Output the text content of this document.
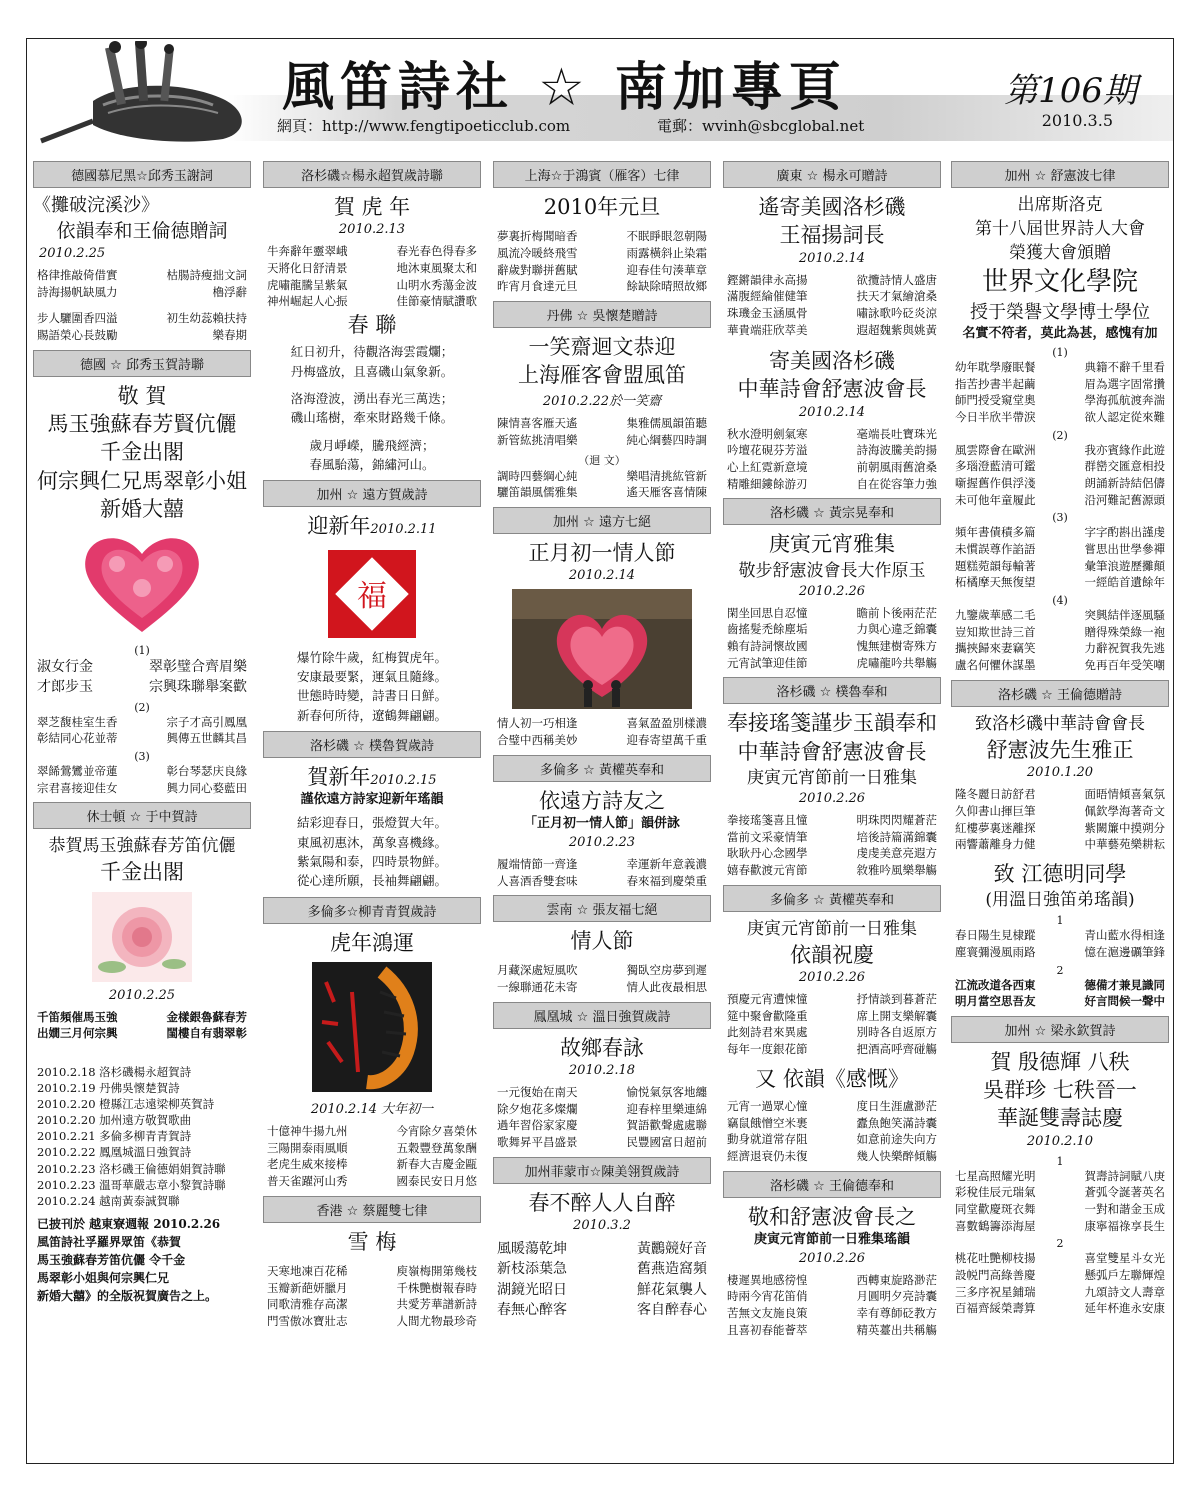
風笛詩社 ☆ 南加專頁	第106期
2010.3.5
網頁：http://www.fengtipoeticclub.com	電郵：wvinh@sbcglobal.net
德國慕尼黑☆邱秀玉謝詞
《攤破浣溪沙》
依韻奉和王倫德贈詞
2010.2.25
格律推敲倚借實	枯腸詩瘦拙文詞
詩海揚帆缺風力	櫓浮辭
步人驪圍香四溢	初生幼蕊賴扶持
賜語榮心長鼓勵	樂春期
德國 ☆ 邱秀玉賀詩聯
敬 賀
馬玉強蘇春芳賢伉儷
千金出閣
何宗興仁兄馬翠彰小姐
新婚大囍
(1)
淑女行金	翠彰璧合齊眉樂
才郎步玉	宗興珠聯舉案歡
(2)
翠芝馥桂室生香	宗子才高引鳳凰
彰結同心花並蒂	興傳五世麟其昌
(3)
翠餙鶯鸞並帝蓮	彰台琴瑟庆良緣
宗君喜接迎佳女	興力同心婺藍田
休士頓 ☆ 于中賀詩
恭賀馬玉強蘇春芳笛伉儷
千金出閣
2010.2.25
千笛頻催馬玉強	金樣銀魯蘇春芳
出嫺三月何宗興	閨樓自有翡翠彰
2010.2.18 洛杉磯楊永超賀詩
2010.2.19 丹佛吳懷楚賀詩
2010.2.20 橙縣江志遠梁柳英賀詩
2010.2.20 加州遠方敬賀歌曲
2010.2.21 多倫多柳青青賀詩
2010.2.22 鳳凰城溫日強賀詩
2010.2.23 洛杉磯王倫德娟娟賀詩聯
2010.2.23 溫哥華嚴志章小黎賀詩聯
2010.2.24 越南黃泰誠賀聯
已披刊於 越東寮週報 2010.2.26
風笛詩社孚羅界眾笛《恭賀
馬玉強蘇春芳笛伉儷 令千金
馬翠彰小姐與何宗興仁兄
新婚大囍》的全版祝賀廣告之上。
洛杉磯☆楊永超賀歲詩聯
賀 虎 年
2010.2.13
牛奔辭年靈翠峨	春光春色得春多
天將化日舒清景	地沐東風聚太和
虎嘯龍騰呈紫氣	山明水秀蕩金波
神州崛起人心振	佳節豪情賦讚歌
春 聯
紅日初升，待觀洛海雲霞爛；
丹梅盛放，且喜磯山氣象新。
洛海澄波，湧出春光三萬迭；
磯山瑤樹，牽來財路幾千條。
歲月崢嶸，騰飛經濟；
春風駘蕩，錦繡河山。
加州 ☆ 遠方賀歲詩
迎新年2010.2.11
福
爆竹除牛歲，紅梅賀虎年。
安康最要緊，運氣且隨緣。
世態時時變，詩書日日鮮。
新春何所待，遼鶴舞翩翩。
洛杉磯 ☆ 樸魯賀歲詩
賀新年2010.2.15
謹依遠方詩家迎新年瑤韻
結彩迎春日，張燈賀大年。
東風初惠沐，萬象喜機緣。
紫氣陽和泰，四時景物鮮。
從心達所願，長袖舞翩翩。
多倫多☆柳青青賀歲詩
虎年鴻運
2010.2.14 大年初一
十億神牛揚九州	今宵除夕喜榮休
三陽開泰雨風順	五穀豐登萬象酬
老虎生威來接棒	新春大吉慶金甌
普天雀躍河山秀	國泰民安日月悠
香港 ☆ 蔡麗雙七律
雪 梅
天寒地凍百花稀	庾嶺梅開第幾枝
玉瓣新葩妍臘月	千株艷樹報春時
同歌清雅存高潔	共愛芳華譜新詩
門雪傲冰寶壯志	人間尤物最珍奇
上海☆于鴻賓（雁客）七律
2010年元旦
夢裏折梅聞暗香	不眠睜眼忽朝陽
風流冷暖終飛雪	雨露橫斜止染霜
辭歲對聯拼舊賦	迎春佳句湊華章
昨宵月食達元旦	餘缺除晴照故鄉
丹佛 ☆ 吳懷楚贈詩
一笑齋迴文恭迎
上海雁客會盟風笛
2010.2.22於一笑齋
陳情喜客雁天遙	集雅儒風韻笛聽
新管紘挑清唱樂	純心綱藝四時調
（迴 文）
調時四藝綱心純	樂唱清挑紘管新
驪笛韻風儒雅集	遙天雁客喜情陳
加州 ☆ 遠方七絕
正月初一情人節
2010.2.14
情人初一巧相逢	喜氣盈盈別樣濃
合璧中西稱美妙	迎春寄望萬千重
多倫多 ☆ 黃權英奉和
依遠方詩友之
「正月初一情人節」韻併詠
2010.2.23
履端情節一齊逢	幸運新年意義濃
人喜酒香雙套味	春來福到慶榮重
雲南 ☆ 張友福七絕
情人節
月藏深處短風吹	獨臥空房夢到遲
一線聯通花未寄	情人此夜最相思
鳳凰城 ☆ 溫日強賀歲詩
故鄉春詠
2010.2.18
一元復始在南天	愉悦氣氛客地纏
除夕炮花多燦爛	迎春梓里樂連綿
過年習俗家家慶	賀語歡聲處處聯
歌舞昇平昌盛景	民豐國富日超前
加州菲蒙市☆陳美翎賀歲詩
春不醉人人自醉
2010.3.2
風暖蕩乾坤	黃鸝競好音
新枝添葉急	舊燕造窩頻
湖鏡光昭日	鮮花氣襲人
春無心醉客	客自醉春心
廣東 ☆ 楊永可贈詩
遙寄美國洛杉磯
王福揚詞長
2010.2.14
鏗鏘韻律永高揚	欲攬詩情人盛唐
滿腹經綸催健筆	扶天才氣繪滄桑
珠璣金玉涵風骨	嘯詠歌吟砭炎涼
華貴端莊欣萃美	遐超魏紫與姚黃
寄美國洛杉磯
中華詩會舒憲波會長
2010.2.14
秋水澄明劍氣寒	毫端長吐寶珠光
吟壇花硯芬芳溢	詩海波騰美韵揚
心上紅霓新意境	前朝風雨舊滄桑
精雕細鏤餘游刃	自在從容筆力強
洛杉磯 ☆ 黃宗晃奉和
庚寅元宵雅集
敬步舒憲波會長大作原玉
2010.2.26
閑坐回思自忍憧	瞻前卜後兩茫茫
齒搖髮禿餘塵垢	力與心違乏錦囊
賴有詩詞懷故國	愧無建樹寄殊方
元宵試筆迎佳節	虎嘯龍吟共舉觴
洛杉磯 ☆ 樸魯奉和
奉接瑤箋謹步玉韻奉和
中華詩會舒憲波會長
庚寅元宵節前一日雅集
2010.2.26
拳接瑤箋喜且憧	明珠閃閃耀蒼茫
當前文采豪情筆	培後詩篇滿錦囊
耿耿丹心念國學	虔虔美意亮遐方
嬉春歡渡元宵節	敘雅吟風樂舉觴
多倫多 ☆ 黃權英奉和
庚寅元宵節前一日雅集
依韻祝慶
2010.2.26
預慶元宵遭悚憧	抒情談到暮蒼茫
筵中聚會歡隆重	席上開支樂解囊
此刻詩君來異處	別時各自返原方
每年一度銀花節	把酒高呼齊碰觴
又 依韻《感慨》
元宵一過眾心憧	度日生涯盧渺茫
竊鼠餓憎空米裹	蠹魚飽笑滿詩囊
動身就道常存阻	如意前途失向方
經濟退衰仍未復	幾人快樂醉傾觴
洛杉磯 ☆ 王倫德奉和
敬和舒憲波會長之
庚寅元宵節前一日雅集瑤韻
2010.2.26
棲遲異地感徬惶	西轉東旋路渺茫
時兩今宵花笛俏	月圓明夕亮詩囊
苦無文友施良策	幸有尊師砭教方
且喜初春能薈萃	精英薹出共稱觴
加州 ☆ 舒憲波七律
出席斯洛克
第十八屆世界詩人大會
榮獲大會頒贈
世界文化學院
授于榮譽文學博士學位
名實不符者，莫此為甚，感愧有加
(1)
幼年耽學廢眠餐	典籍不辭千里看
指苦抄書半起繭	眉為選字固常攢
師門授受窺堂奧	學海孤航渡奔湍
今日半欣半帶淚	欲人認定從來難
(2)
風雲際會在歐洲	我亦賓緣作此遊
多瑙澄藍清可鑑	群巒交匯意相投
噺握舊作俱浮淺	朗誦新詩結侶儔
未可他年童履此	沿河難記舊源頭
(3)
頻年書債積多篇	字字酌斟出謹虔
未慣誤尊作諂語	嘗思出世學參禪
題糕菀韻每輸著	彙筆浪遊歷攤顛
柘橘摩天無復望	一經皓首遺餘年
(4)
九鑒歲華感二毛	突興結伴逐風騷
豈知欺世詩三首	贈得殊榮綠一袍
攜挾歸來妻竊笑	力辭祝賀我先逃
盧名何懼休謀墨	免再百年受笑嘲
洛杉磯 ☆ 王倫德贈詩
致洛杉磯中華詩會會長
舒憲波先生雅正
2010.1.20
隆冬麗日訪舒君	面晤情傾喜氣氛
久仰書山揮巨筆	佩欽學海著奇文
紅樓夢裏迷離探	紫闕簾中摸朔分
兩響蕭離身力健	中華藝苑樂耕耘
致 江德明同學
(用溫日強笛弟瑤韻)
1
春日陽生見棣蹤	青山藍水得相逢
塵寰彌漫風雨路	憶在滬邊礪筆鋒
2
江流改道各西東	德備才兼見識同
明月當空思吾友	好言問候一聲中
加州 ☆ 梁永欽賀詩
賀 殷德輝 八秩
吳群珍 七秩晉一
華誕雙壽誌慶
2010.2.10
1
七星高照耀光明	賀壽詩詞賦八庚
彩稅佳辰元瑞氣	蒼弧令誕著英名
同堂歡慶斑衣舞	一對和諧金玉成
喜數鶴籌添海屋	康寧福祿享長生
2
桃花吐艷柳枝揚	喜堂雙星斗女光
設帨門高綠善慶	懸弧戶左聯輝煌
三多序祝星鋪瑞	九頌詩文人壽章
百福齊綏榮壽算	延年杯進永安康
